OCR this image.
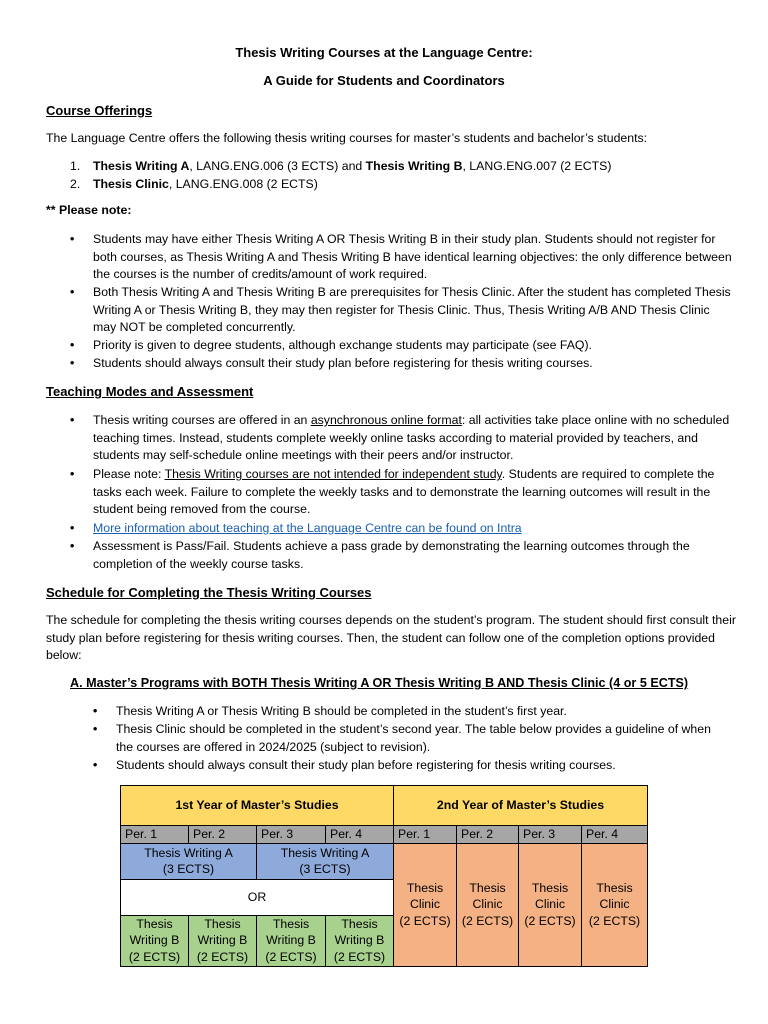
Thesis Writing Courses at the Language Centre:
A Guide for Students and Coordinators
Course Offerings
The Language Centre offers the following thesis writing courses for master’s students and bachelor’s students:
1. Thesis Writing A, LANG.ENG.006 (3 ECTS) and Thesis Writing B, LANG.ENG.007 (2 ECTS)
2. Thesis Clinic, LANG.ENG.008 (2 ECTS)
** Please note:
• Students may have either Thesis Writing A OR Thesis Writing B in their study plan. Students should not register for both courses, as Thesis Writing A and Thesis Writing B have identical learning objectives: the only difference between the courses is the number of credits/amount of work required.
• Both Thesis Writing A and Thesis Writing B are prerequisites for Thesis Clinic. After the student has completed Thesis Writing A or Thesis Writing B, they may then register for Thesis Clinic. Thus, Thesis Writing A/B AND Thesis Clinic may NOT be completed concurrently.
• Priority is given to degree students, although exchange students may participate (see FAQ).
• Students should always consult their study plan before registering for thesis writing courses.
Teaching Modes and Assessment
• Thesis writing courses are offered in an asynchronous online format: all activities take place online with no scheduled teaching times. Instead, students complete weekly online tasks according to material provided by teachers, and students may self-schedule online meetings with their peers and/or instructor.
• Please note: Thesis Writing courses are not intended for independent study. Students are required to complete the tasks each week. Failure to complete the weekly tasks and to demonstrate the learning outcomes will result in the student being removed from the course.
• More information about teaching at the Language Centre can be found on Intra
• Assessment is Pass/Fail. Students achieve a pass grade by demonstrating the learning outcomes through the completion of the weekly course tasks.
Schedule for Completing the Thesis Writing Courses
The schedule for completing the thesis writing courses depends on the student’s program. The student should first consult their study plan before registering for thesis writing courses. Then, the student can follow one of the completion options provided below:
A. Master’s Programs with BOTH Thesis Writing A OR Thesis Writing B AND Thesis Clinic (4 or 5 ECTS)
• Thesis Writing A or Thesis Writing B should be completed in the student’s first year.
• Thesis Clinic should be completed in the student’s second year. The table below provides a guideline of when the courses are offered in 2024/2025 (subject to revision).
• Students should always consult their study plan before registering for thesis writing courses.
1st Year of Master’s Studies				2nd Year of Master’s Studies			
Per. 1	Per. 2	Per. 3	Per. 4	Per. 1	Per. 2	Per. 3	Per. 4
Thesis Writing A
(3 ECTS)		Thesis Writing A
(3 ECTS)		Thesis
Clinic
(2 ECTS)	Thesis
Clinic
(2 ECTS)	Thesis
Clinic
(2 ECTS)	Thesis
Clinic
(2 ECTS)
OR							
Thesis
Writing B
(2 ECTS)	Thesis
Writing B
(2 ECTS)	Thesis
Writing B
(2 ECTS)	Thesis
Writing B
(2 ECTS)				
